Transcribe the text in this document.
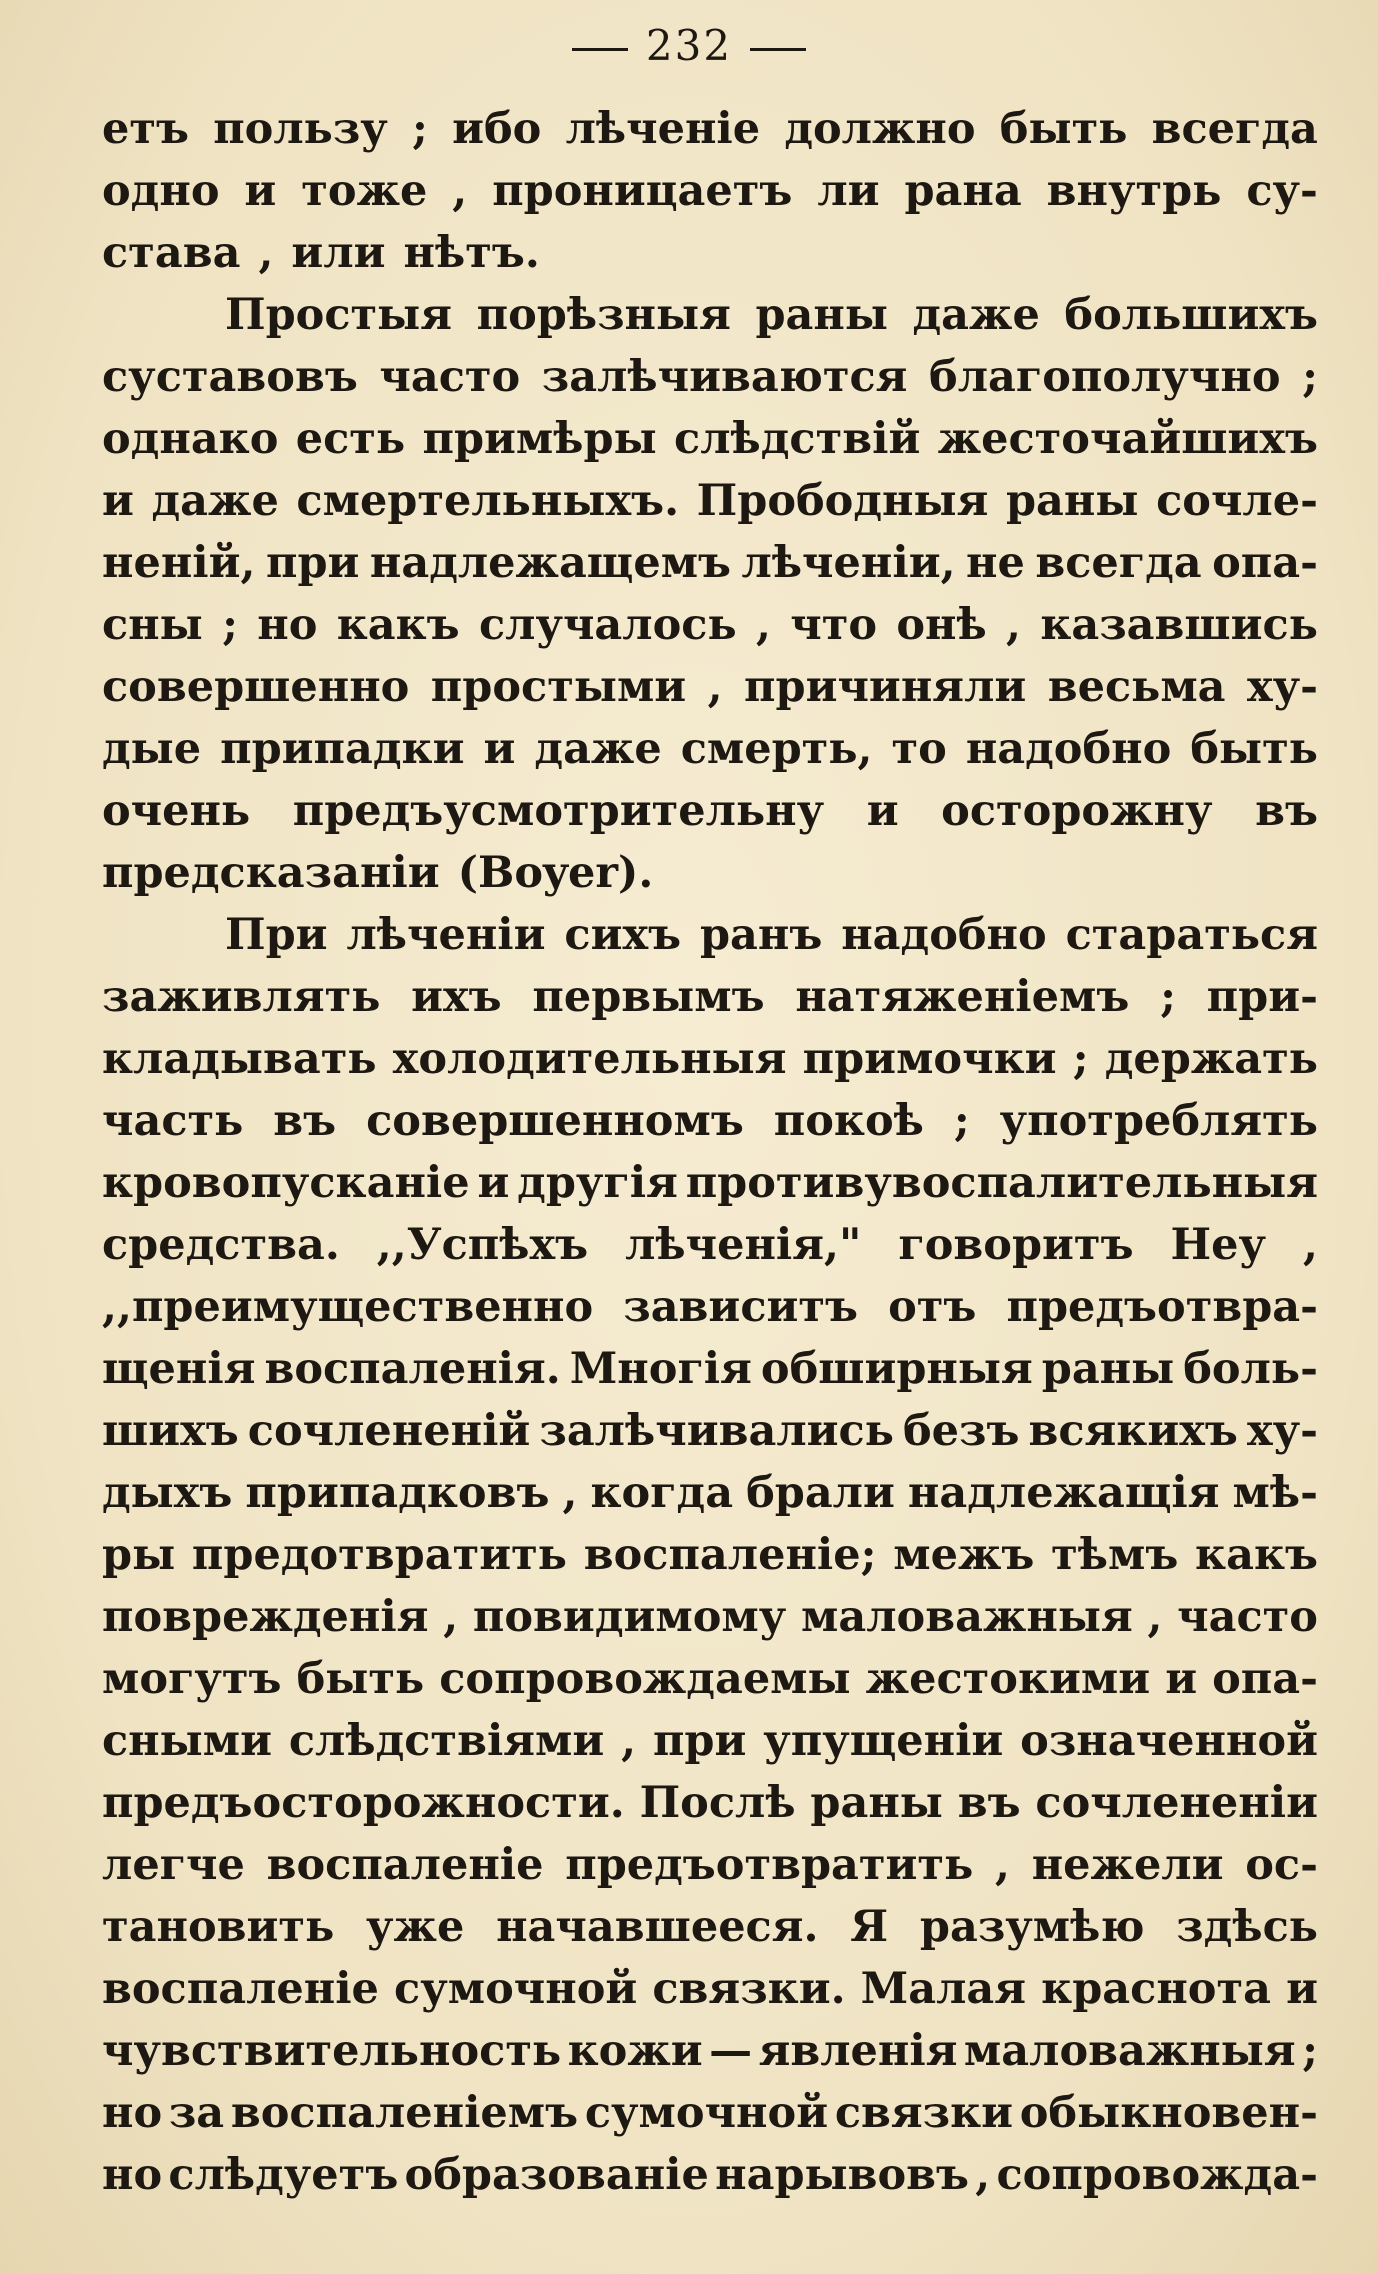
232
етъ пользу ; ибо лѣченіе должно быть всегда
одно и тоже , проницаетъ ли рана внутрь су-
става , или нѣтъ.
Простыя порѣзныя раны даже большихъ
суставовъ часто залѣчиваются благополучно ;
однако есть примѣры слѣдствій жесточайшихъ
и даже смертельныхъ. Прободныя раны сочле-
неній, при надлежащемъ лѣченіи, не всегда опа-
сны ; но какъ случалось , что онѣ , казавшись
совершенно простыми , причиняли весьма ху-
дые припадки и даже смерть, то надобно быть
очень предъусмотрительну и осторожну въ
предсказаніи (Boyer).
При лѣченіи сихъ ранъ надобно стараться
заживлять ихъ первымъ натяженіемъ ; при-
кладывать холодительныя примочки ; держать
часть въ совершенномъ покоѣ ; употреблять
кровопусканіе и другія противувоспалительныя
средства. ,,Успѣхъ лѣченія," говоритъ Неу ,
,,преимущественно зависитъ отъ предъотвра-
щенія воспаленія. Многія обширныя раны боль-
шихъ сочлененій залѣчивались безъ всякихъ ху-
дыхъ припадковъ , когда брали надлежащія мѣ-
ры предотвратить воспаленіе; межъ тѣмъ какъ
поврежденія , повидимому маловажныя , часто
могутъ быть сопровождаемы жестокими и опа-
сными слѣдствіями , при упущеніи означенной
предъосторожности. Послѣ раны въ сочлененіи
легче воспаленіе предъотвратить , нежели ос-
тановить уже начавшееся. Я разумѣю здѣсь
воспаленіе сумочной связки. Малая краснота и
чувствительность кожи — явленія маловажныя ;
но за воспаленіемъ сумочной связки обыкновен-
но слѣдуетъ образованіе нарывовъ , сопровожда-
